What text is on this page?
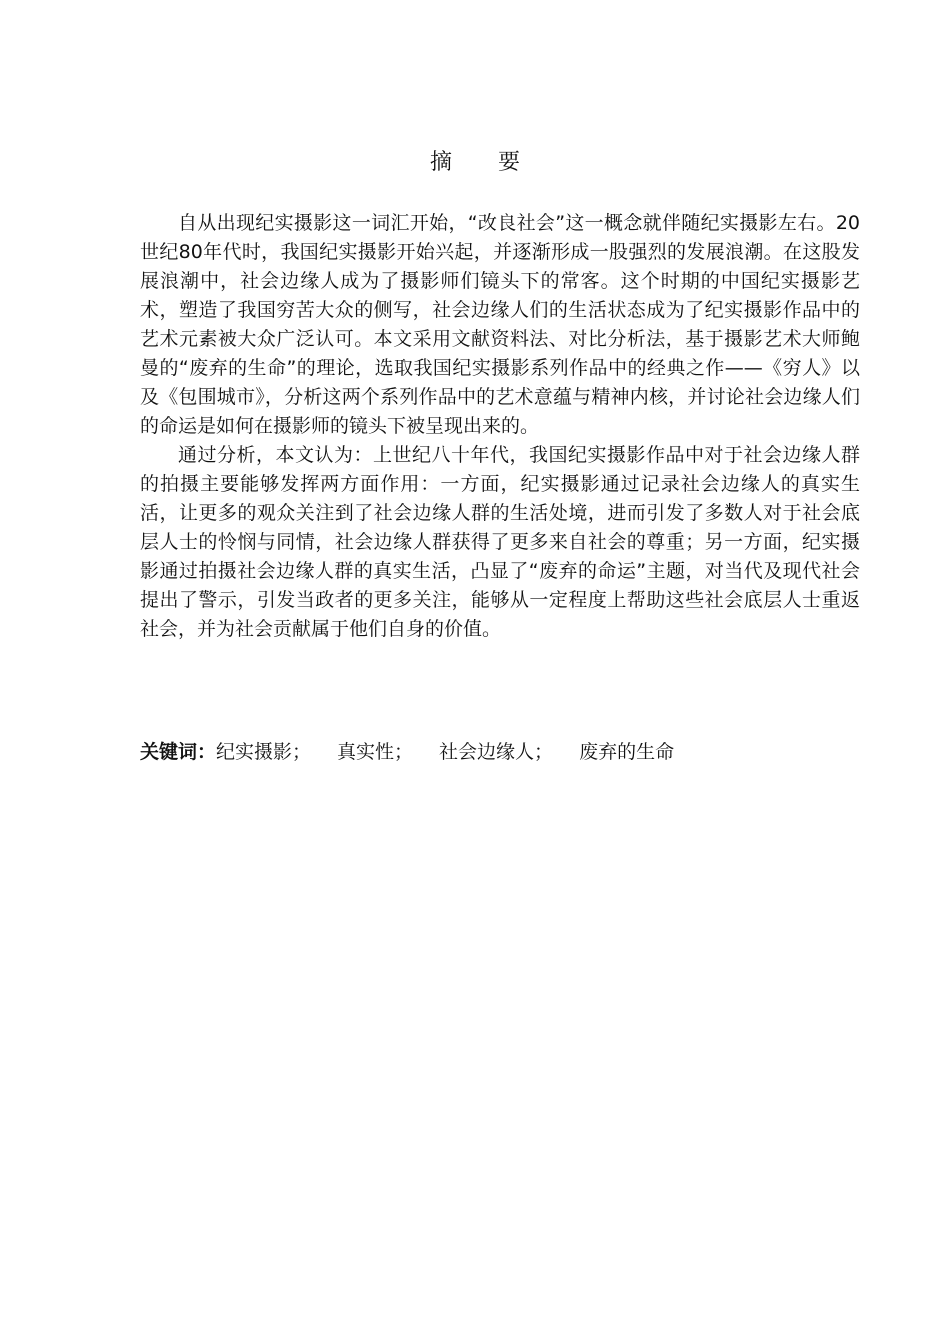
摘 要

自从出现纪实摄影这一词汇开始，“改良社会”这一概念就伴随纪实摄影左右。20世纪80年代时，我国纪实摄影开始兴起，并逐渐形成一股强烈的发展浪潮。在这股发展浪潮中，社会边缘人成为了摄影师们镜头下的常客。这个时期的中国纪实摄影艺术，塑造了我国穷苦大众的侧写，社会边缘人们的生活状态成为了纪实摄影作品中的艺术元素被大众广泛认可。本文采用文献资料法、对比分析法，基于摄影艺术大师鲍曼的“废弃的生命”的理论，选取我国纪实摄影系列作品中的经典之作——《穷人》以及《包围城市》，分析这两个系列作品中的艺术意蕴与精神内核，并讨论社会边缘人们的命运是如何在摄影师的镜头下被呈现出来的。

通过分析，本文认为：上世纪八十年代，我国纪实摄影作品中对于社会边缘人群的拍摄主要能够发挥两方面作用：一方面，纪实摄影通过记录社会边缘人的真实生活，让更多的观众关注到了社会边缘人群的生活处境，进而引发了多数人对于社会底层人士的怜悯与同情，社会边缘人群获得了更多来自社会的尊重；另一方面，纪实摄影通过拍摄社会边缘人群的真实生活，凸显了“废弃的命运”主题，对当代及现代社会提出了警示，引发当政者的更多关注，能够从一定程度上帮助这些社会底层人士重返社会，并为社会贡献属于他们自身的价值。

关键词：纪实摄影； 真实性； 社会边缘人； 废弃的生命
